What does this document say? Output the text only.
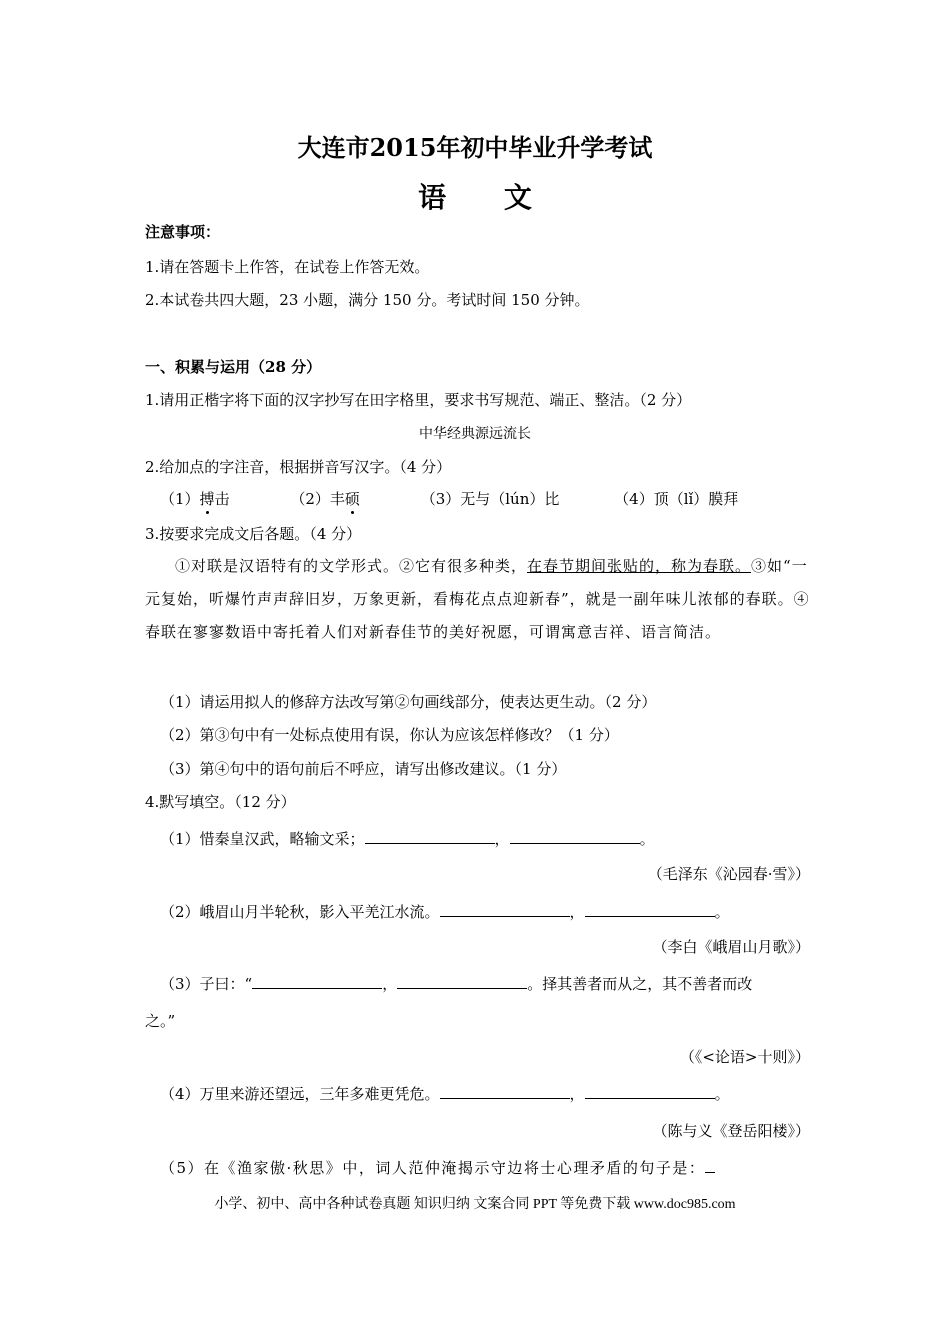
大连市2015年初中毕业升学考试
语 文
注意事项：
1.请在答题卡上作答，在试卷上作答无效。
2.本试卷共四大题，23 小题，满分 150 分。考试时间 150 分钟。
一、积累与运用（28 分）
1.请用正楷字将下面的汉字抄写在田字格里，要求书写规范、端正、整洁。（2 分）
中华经典源远流长
2.给加点的字注音，根据拼音写汉字。（4 分）
（1）搏击	（2）丰硕	（3）无与（lún）比	（4）顶（lǐ）膜拜
3.按要求完成文后各题。（4 分）
①对联是汉语特有的文学形式。②它有很多种类，在春节期间张贴的，称为春联。③如“一元复始，听爆竹声声辞旧岁，万象更新，看梅花点点迎新春”，就是一副年味儿浓郁的春联。④春联在寥寥数语中寄托着人们对新春佳节的美好祝愿，可谓寓意吉祥、语言简洁。
（1）请运用拟人的修辞方法改写第②句画线部分，使表达更生动。（2 分）
（2）第③句中有一处标点使用有误，你认为应该怎样修改？（1 分）
（3）第④句中的语句前后不呼应，请写出修改建议。（1 分）
4.默写填空。（12 分）
（1）惜秦皇汉武，略输文采；	，	。
（毛泽东《沁园春·雪》）
（2）峨眉山月半轮秋，影入平羌江水流。	，	。
（李白《峨眉山月歌》）
（3）子曰：“	，	。择其善者而从之，其不善者而改
之。”
（《<论语>十则》）
（4）万里来游还望远，三年多难更凭危。	，	。
（陈与义《登岳阳楼》）
（5）在《渔家傲·秋思》中，词人范仲淹揭示守边将士心理矛盾的句子是：
小学、初中、高中各种试卷真题 知识归纳 文案合同 PPT 等免费下载 www.doc985.com
